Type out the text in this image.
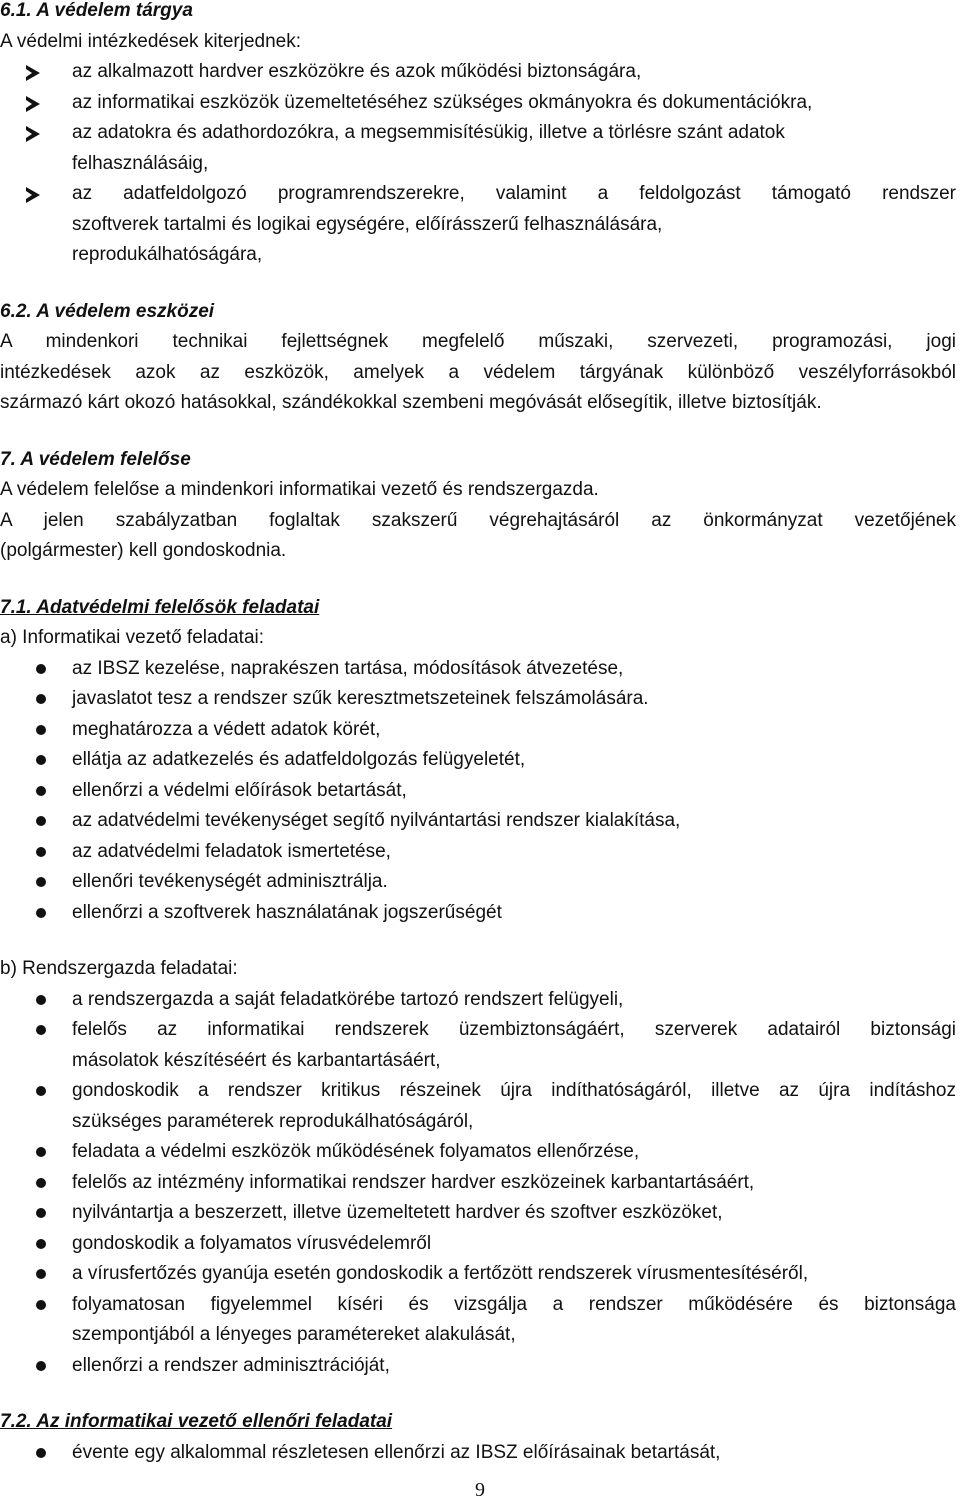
6.1. A védelem tárgya

A védelmi intézkedések kiterjednek:

az alkalmazott hardver eszközökre és azok működési biztonságára,
az informatikai eszközök üzemeltetéséhez szükséges okmányokra és dokumentációkra,
az adatokra és adathordozókra, a megsemmisítésükig, illetve a törlésre szánt adatok
felhasználásáig,
az adatfeldolgozó programrendszerekre, valamint a feldolgozást támogató rendszer
szoftverek tartalmi és logikai egységére, előírásszerű felhasználására,
reprodukálhatóságára,

6.2. A védelem eszközei

A mindenkori technikai fejlettségnek megfelelő műszaki, szervezeti, programozási, jogi

intézkedések azok az eszközök, amelyek a védelem tárgyának különböző veszélyforrásokból

származó kárt okozó hatásokkal, szándékokkal szembeni megóvását elősegítik, illetve biztosítják.

7. A védelem felelőse

A védelem felelőse a mindenkori informatikai vezető és rendszergazda.

A jelen szabályzatban foglaltak szakszerű végrehajtásáról az önkormányzat vezetőjének

(polgármester) kell gondoskodnia.

7.1. Adatvédelmi felelősök feladatai

a) Informatikai vezető feladatai:

az IBSZ kezelése, naprakészen tartása, módosítások átvezetése,
javaslatot tesz a rendszer szűk keresztmetszeteinek felszámolására.
meghatározza a védett adatok körét,
ellátja az adatkezelés és adatfeldolgozás felügyeletét,
ellenőrzi a védelmi előírások betartását,
az adatvédelmi tevékenységet segítő nyilvántartási rendszer kialakítása,
az adatvédelmi feladatok ismertetése,
ellenőri tevékenységét adminisztrálja.
ellenőrzi a szoftverek használatának jogszerűségét

b) Rendszergazda feladatai:

a rendszergazda a saját feladatkörébe tartozó rendszert felügyeli,
felelős az informatikai rendszerek üzembiztonságáért, szerverek adatairól biztonsági
másolatok készítéséért és karbantartásáért,
gondoskodik a rendszer kritikus részeinek újra indíthatóságáról, illetve az újra indításhoz
szükséges paraméterek reprodukálhatóságáról,
feladata a védelmi eszközök működésének folyamatos ellenőrzése,
felelős az intézmény informatikai rendszer hardver eszközeinek karbantartásáért,
nyilvántartja a beszerzett, illetve üzemeltetett hardver és szoftver eszközöket,
gondoskodik a folyamatos vírusvédelemről
a vírusfertőzés gyanúja esetén gondoskodik a fertőzött rendszerek vírusmentesítéséről,
folyamatosan figyelemmel kíséri és vizsgálja a rendszer működésére és biztonsága
szempontjából a lényeges paramétereket alakulását,
ellenőrzi a rendszer adminisztrációját,

7.2. Az informatikai vezető ellenőri feladatai

évente egy alkalommal részletesen ellenőrzi az IBSZ előírásainak betartását,
9
